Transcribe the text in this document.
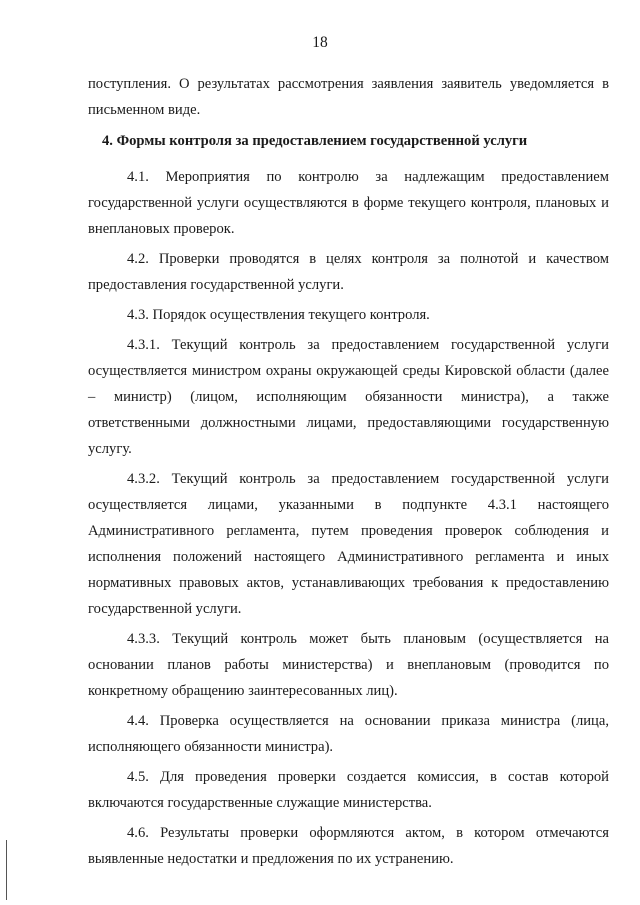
18

поступления. О результатах рассмотрения заявления заявитель уведомляется в письменном виде.

4. Формы контроля за предоставлением государственной услуги

4.1. Мероприятия по контролю за надлежащим предоставлением государственной услуги осуществляются в форме текущего контроля, плановых и внеплановых проверок.

4.2. Проверки проводятся в целях контроля за полнотой и качеством предоставления государственной услуги.

4.3. Порядок осуществления текущего контроля.

4.3.1. Текущий контроль за предоставлением государственной услуги осуществляется министром охраны окружающей среды Кировской области (далее – министр) (лицом, исполняющим обязанности министра), а также ответственными должностными лицами, предоставляющими государственную услугу.

4.3.2. Текущий контроль за предоставлением государственной услуги осуществляется лицами, указанными в подпункте 4.3.1 настоящего Административного регламента, путем проведения проверок соблюдения и исполнения положений настоящего Административного регламента и иных нормативных правовых актов, устанавливающих требования к предоставлению государственной услуги.

4.3.3. Текущий контроль может быть плановым (осуществляется на основании планов работы министерства) и внеплановым (проводится по конкретному обращению заинтересованных лиц).

4.4. Проверка осуществляется на основании приказа министра (лица, исполняющего обязанности министра).

4.5. Для проведения проверки создается комиссия, в состав которой включаются государственные служащие министерства.

4.6. Результаты проверки оформляются актом, в котором отмечаются выявленные недостатки и предложения по их устранению.
